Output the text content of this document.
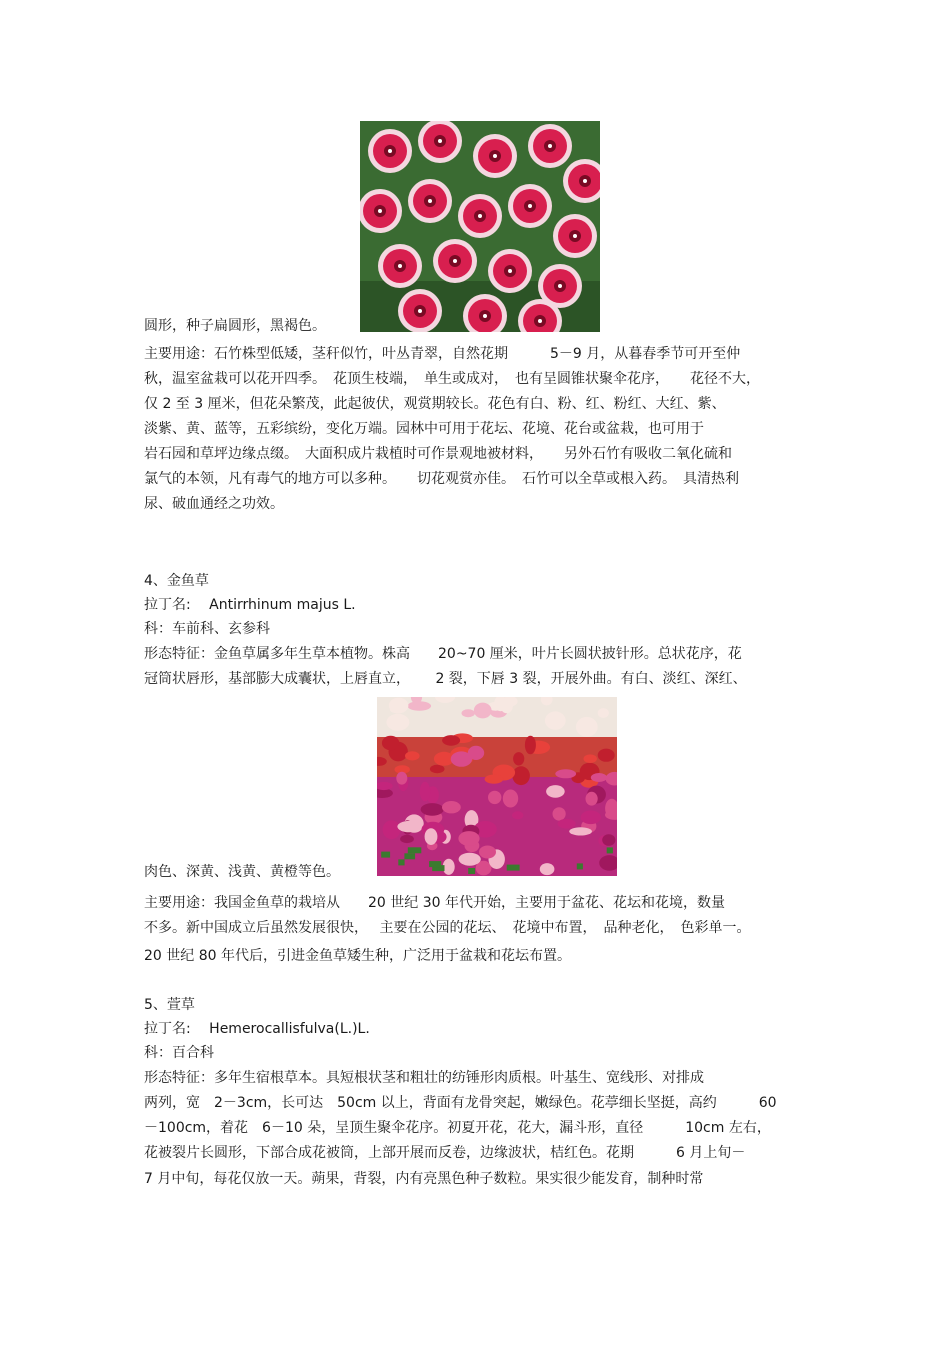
圆形，种子扁圆形，黑褐色。
主要用途：石竹株型低矮，茎秆似竹，叶丛青翠，自然花期　　　5－9 月，从暮春季节可开至仲
秋，温室盆栽可以花开四季。　花顶生枝端，　单生或成对，　也有呈圆锥状聚伞花序，　　花径不大，
仅 2 至 3 厘米，但花朵繁茂，此起彼伏，观赏期较长。花色有白、粉、红、粉红、大红、紫、
淡紫、黄、蓝等，五彩缤纷，变化万端。园林中可用于花坛、花境、花台或盆栽，也可用于
岩石园和草坪边缘点缀。　大面积成片栽植时可作景观地被材料，　　另外石竹有吸收二氧化硫和
氯气的本领，凡有毒气的地方可以多种。　　切花观赏亦佳。　石竹可以全草或根入药。　具清热利
尿、破血通经之功效。
4、金鱼草
拉丁名:　 Antirrhinum majus L.
科：车前科、玄参科
形态特征：金鱼草属多年生草本植物。株高　　20~70 厘米，叶片长圆状披针形。总状花序，花
冠筒状唇形，基部膨大成囊状，上唇直立，　　 2 裂，下唇 3 裂，开展外曲。有白、淡红、深红、
肉色、深黄、浅黄、黄橙等色。
主要用途：我国金鱼草的栽培从　　20 世纪 30 年代开始，主要用于盆花、花坛和花境，数量
不多。新中国成立后虽然发展很快，　 主要在公园的花坛、　花境中布置，　品种老化，　色彩单一。
20 世纪 80 年代后，引进金鱼草矮生种，广泛用于盆栽和花坛布置。
5、萱草
拉丁名:　 Hemerocallisfulva(L.)L.
科：百合科
形态特征：多年生宿根草本。具短根状茎和粗壮的纺锤形肉质根。叶基生、宽线形、对排成
两列，宽　2－3cm，长可达　50cm 以上，背面有龙骨突起，嫩绿色。花葶细长坚挺，高约　　　60
－100cm，着花　6－10 朵，呈顶生聚伞花序。初夏开花，花大，漏斗形，直径　　　10cm 左右，
花被裂片长圆形，下部合成花被筒，上部开展而反卷，边缘波状，桔红色。花期　　　6 月上旬－
7 月中旬，每花仅放一天。蒴果，背裂，内有亮黑色种子数粒。果实很少能发育，制种时常
